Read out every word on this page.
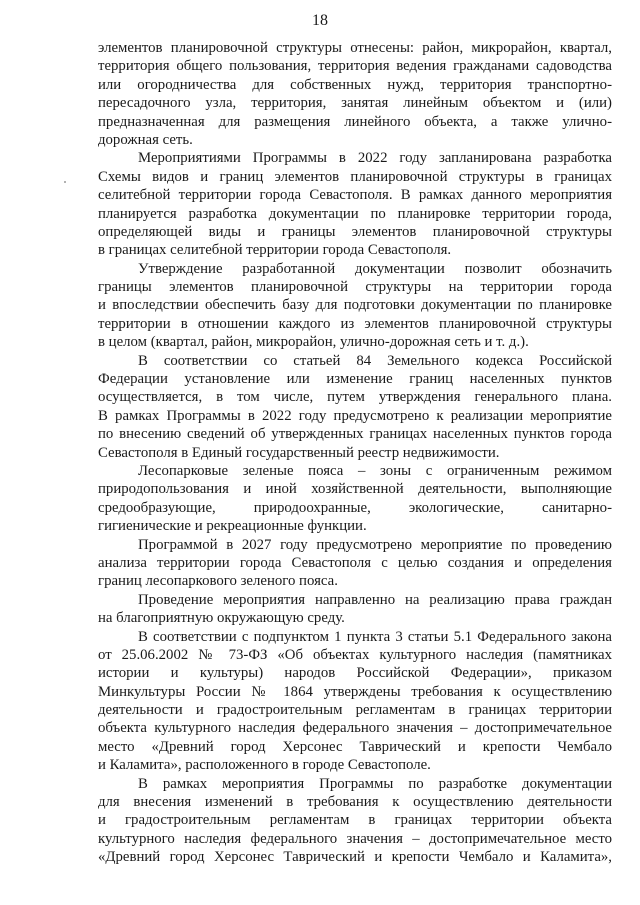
18
элементов планировочной структуры отнесены: район, микрорайон, квартал,
территория общего пользования, территория ведения гражданами садоводства
или огородничества для собственных нужд, территория транспортно-
пересадочного узла, территория, занятая линейным объектом и (или)
предназначенная для размещения линейного объекта, а также улично-
дорожная сеть.
Мероприятиями Программы в 2022 году запланирована разработка
Схемы видов и границ элементов планировочной структуры в границах
селитебной территории города Севастополя. В рамках данного мероприятия
планируется разработка документации по планировке территории города,
определяющей виды и границы элементов планировочной структуры
в границах селитебной территории города Севастополя.
Утверждение разработанной документации позволит обозначить
границы элементов планировочной структуры на территории города
и впоследствии обеспечить базу для подготовки документации по планировке
территории в отношении каждого из элементов планировочной структуры
в целом (квартал, район, микрорайон, улично-дорожная сеть и т. д.).
В соответствии со статьей 84 Земельного кодекса Российской
Федерации установление или изменение границ населенных пунктов
осуществляется, в том числе, путем утверждения генерального плана.
В рамках Программы в 2022 году предусмотрено к реализации мероприятие
по внесению сведений об утвержденных границах населенных пунктов города
Севастополя в Единый государственный реестр недвижимости.
Лесопарковые зеленые пояса – зоны с ограниченным режимом
природопользования и иной хозяйственной деятельности, выполняющие
средообразующие, природоохранные, экологические, санитарно-
гигиенические и рекреационные функции.
Программой в 2027 году предусмотрено мероприятие по проведению
анализа территории города Севастополя с целью создания и определения
границ лесопаркового зеленого пояса.
Проведение мероприятия направленно на реализацию права граждан
на благоприятную окружающую среду.
В соответствии с подпунктом 1 пункта 3 статьи 5.1 Федерального закона
от 25.06.2002 № 73-ФЗ «Об объектах культурного наследия (памятниках
истории и культуры) народов Российской Федерации», приказом
Минкультуры России № 1864 утверждены требования к осуществлению
деятельности и градостроительным регламентам в границах территории
объекта культурного наследия федерального значения – достопримечательное
место «Древний город Херсонес Таврический и крепости Чембало
и Каламита», расположенного в городе Севастополе.
В рамках мероприятия Программы по разработке документации
для внесения изменений в требования к осуществлению деятельности
и градостроительным регламентам в границах территории объекта
культурного наследия федерального значения – достопримечательное место
«Древний город Херсонес Таврический и крепости Чембало и Каламита»,
